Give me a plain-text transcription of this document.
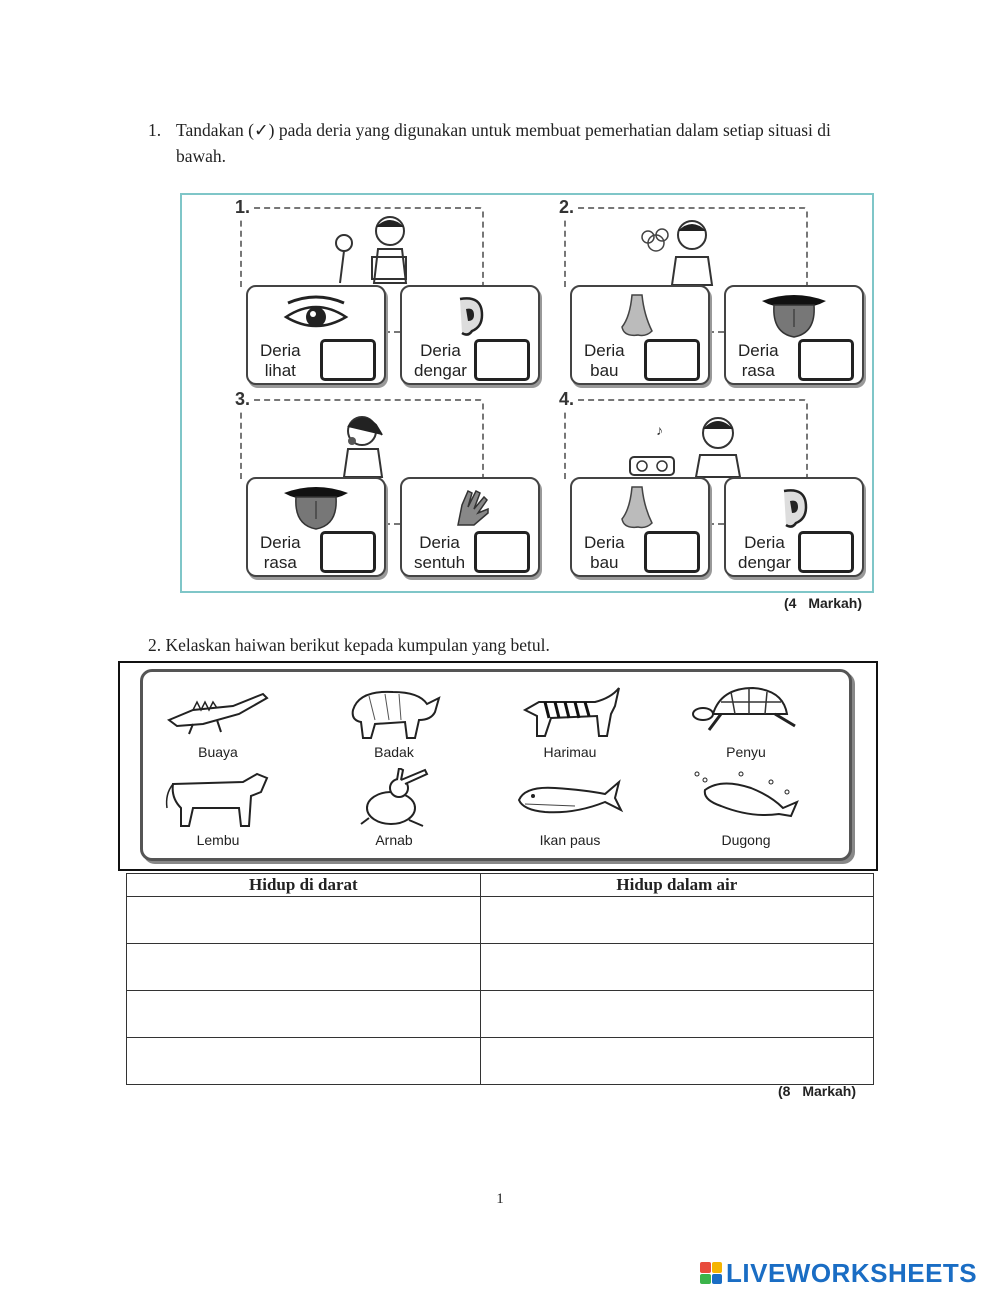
1. Tandakan (✓) pada deria yang digunakan untuk membuat pemerhatian dalam setiap situasi di bawah.
1.
Deria
lihat
Deria
dengar
2.
Deria
bau
Deria
rasa
3.
Deria
rasa
Deria
sentuh
4.
♪
Deria
bau
Deria
dengar
(4 Markah)
2. Kelaskan haiwan berikut kepada kumpulan yang betul.
Buaya	Badak	Harimau	Penyu
Lembu	Arnab	Ikan paus	Dugong
Hidup di darat	Hidup dalam air

(8 Markah)
1
LIVEWORKSHEETS
